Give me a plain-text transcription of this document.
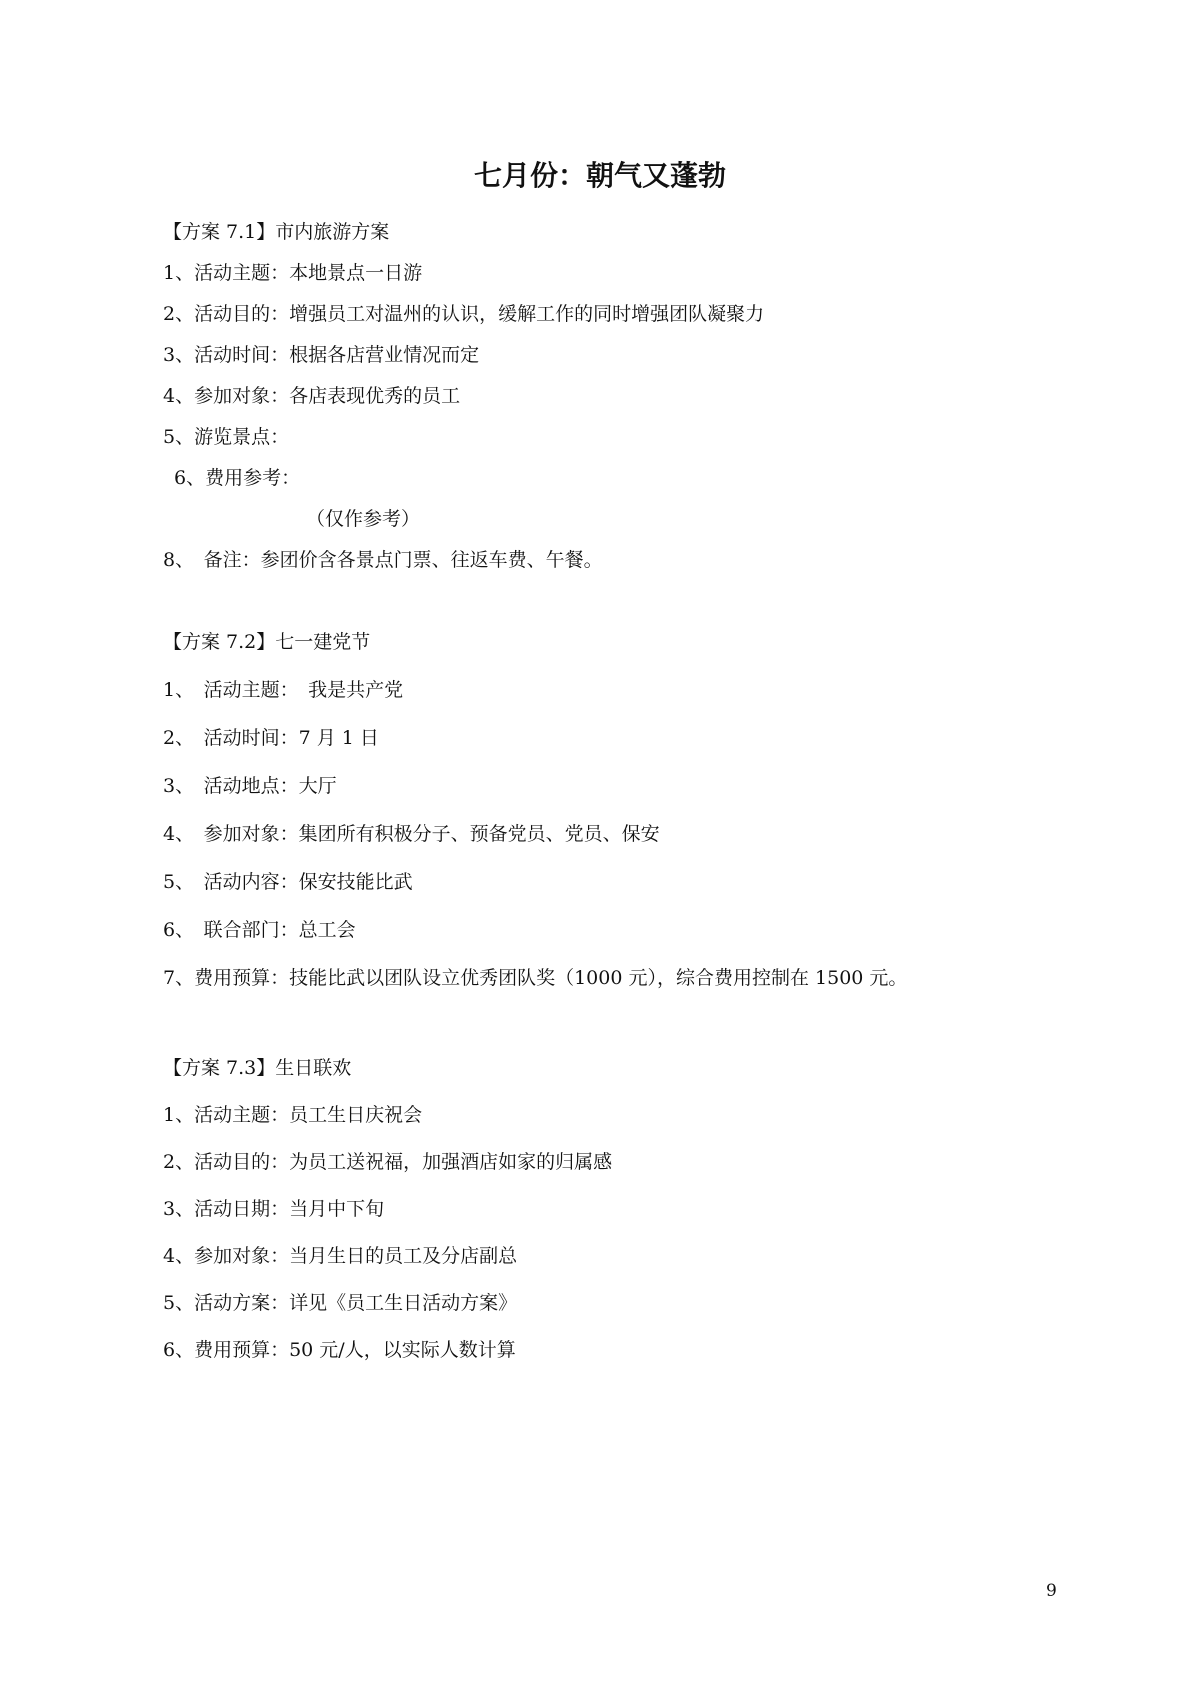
七月份：朝气又蓬勃
【方案 7.1】市内旅游方案
1、活动主题：本地景点一日游
2、活动目的：增强员工对温州的认识，缓解工作的同时增强团队凝聚力
3、活动时间：根据各店营业情况而定
4、参加对象：各店表现优秀的员工
5、游览景点：
6、费用参考：
（仅作参考）
8、　备注：参团价含各景点门票、往返车费、午餐。
【方案 7.2】七一建党节
1、　活动主题：　我是共产党
2、　活动时间：7 月 1 日
3、　活动地点：大厅
4、　参加对象：集团所有积极分子、预备党员、党员、保安
5、　活动内容：保安技能比武
6、　联合部门：总工会
7、费用预算：技能比武以团队设立优秀团队奖（1000 元），综合费用控制在 1500 元。
【方案 7.3】生日联欢
1、活动主题：员工生日庆祝会
2、活动目的：为员工送祝福，加强酒店如家的归属感
3、活动日期：当月中下旬
4、参加对象：当月生日的员工及分店副总
5、活动方案：详见《员工生日活动方案》
6、费用预算：50 元/人，以实际人数计算
9
